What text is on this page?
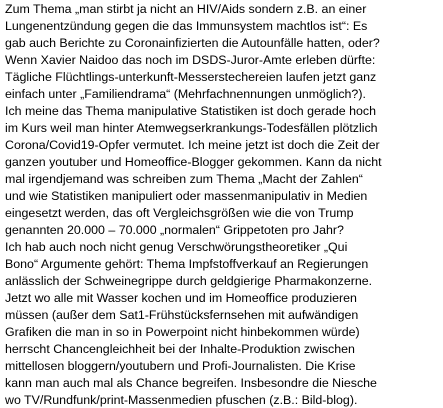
Zum Thema „man stirbt ja nicht an HIV/Aids sondern z.B. an einer
Lungenentzündung gegen die das Immunsystem machtlos ist“: Es
gab auch Berichte zu Coronainfizierten die Autounfälle hatten, oder?
Wenn Xavier Naidoo das noch im DSDS-Juror-Amte erleben dürfte:
Tägliche Flüchtlings-unterkunft-Messerstechereien laufen jetzt ganz
einfach unter „Familiendrama“ (Mehrfachnennungen unmöglich?).
Ich meine das Thema manipulative Statistiken ist doch gerade hoch
im Kurs weil man hinter Atemwegserkrankungs-Todesfällen plötzlich
Corona/Covid19-Opfer vermutet. Ich meine jetzt ist doch die Zeit der
ganzen youtuber und Homeoffice-Blogger gekommen. Kann da nicht
mal irgendjemand was schreiben zum Thema „Macht der Zahlen“
und wie Statistiken manipuliert oder massenmanipulativ in Medien
eingesetzt werden, das oft Vergleichsgrößen wie die von Trump
genannten 20.000 – 70.000 „normalen“ Grippetoten pro Jahr?
Ich hab auch noch nicht genug Verschwörungstheoretiker „Qui
Bono“ Argumente gehört: Thema Impfstoffverkauf an Regierungen
anlässlich der Schweinegrippe durch geldgierige Pharmakonzerne.
Jetzt wo alle mit Wasser kochen und im Homeoffice produzieren
müssen (außer dem Sat1-Frühstücksfernsehen mit aufwändigen
Grafiken die man in so in Powerpoint nicht hinbekommen würde)
herrscht Chancengleichheit bei der Inhalte-Produktion zwischen
mittellosen bloggern/youtubern und Profi-Journalisten. Die Krise
kann man auch mal als Chance begreifen. Insbesondre die Niesche
wo TV/Rundfunk/print-Massenmedien pfuschen (z.B.: Bild-blog).
